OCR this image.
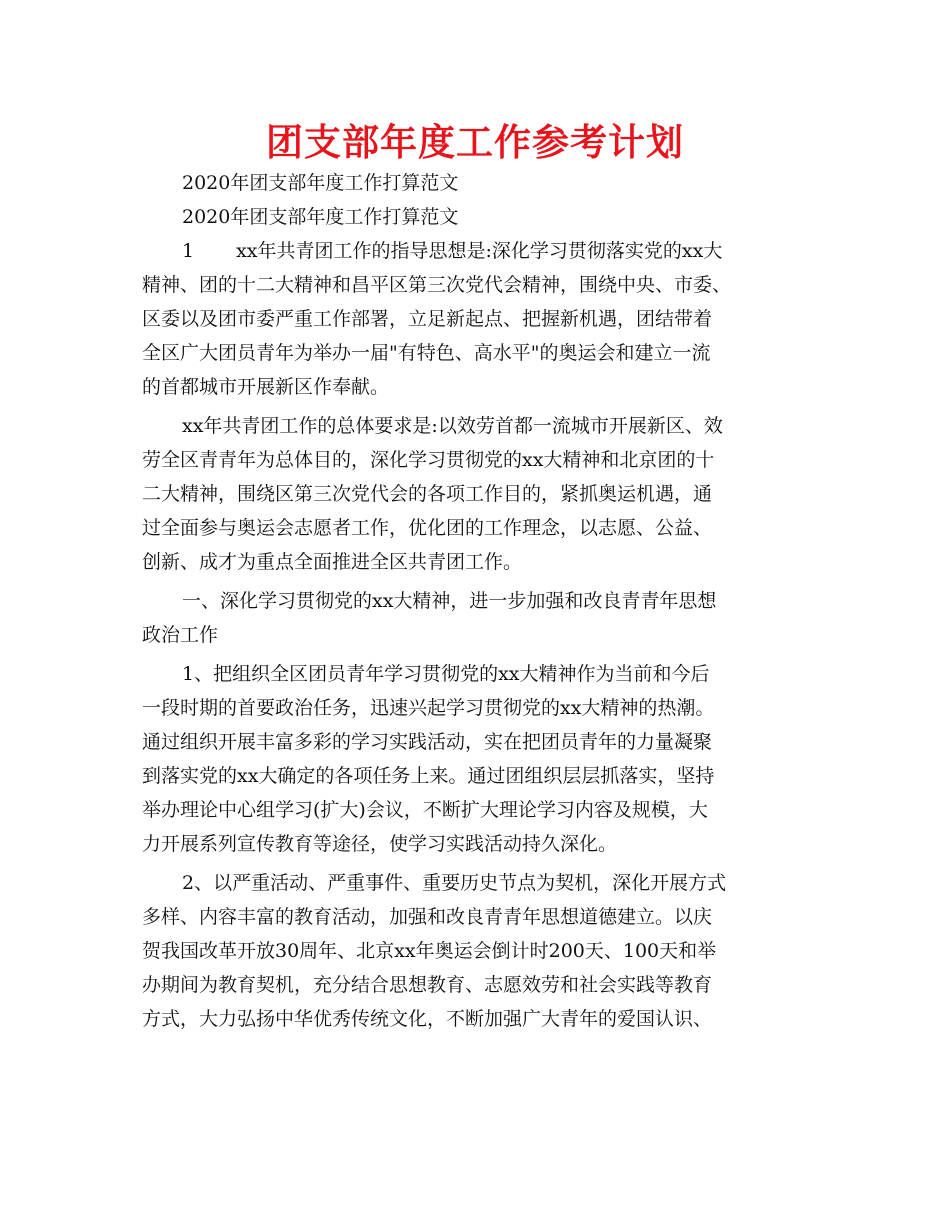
团支部年度工作参考计划
2020年团支部年度工作打算范文
2020年团支部年度工作打算范文
1 xx年共青团工作的指导思想是:深化学习贯彻落实党的xx大
精神、团的十二大精神和昌平区第三次党代会精神，围绕中央、市委、
区委以及团市委严重工作部署，立足新起点、把握新机遇，团结带着
全区广大团员青年为举办一届"有特色、高水平"的奥运会和建立一流
的首都城市开展新区作奉献。
xx年共青团工作的总体要求是:以效劳首都一流城市开展新区、效
劳全区青青年为总体目的，深化学习贯彻党的xx大精神和北京团的十
二大精神，围绕区第三次党代会的各项工作目的，紧抓奥运机遇，通
过全面参与奥运会志愿者工作，优化团的工作理念，以志愿、公益、
创新、成才为重点全面推进全区共青团工作。
一、深化学习贯彻党的xx大精神，进一步加强和改良青青年思想
政治工作
1、把组织全区团员青年学习贯彻党的xx大精神作为当前和今后
一段时期的首要政治任务，迅速兴起学习贯彻党的xx大精神的热潮。
通过组织开展丰富多彩的学习实践活动，实在把团员青年的力量凝聚
到落实党的xx大确定的各项任务上来。通过团组织层层抓落实，坚持
举办理论中心组学习(扩大)会议，不断扩大理论学习内容及规模，大
力开展系列宣传教育等途径，使学习实践活动持久深化。
2、以严重活动、严重事件、重要历史节点为契机，深化开展方式
多样、内容丰富的教育活动，加强和改良青青年思想道德建立。以庆
贺我国改革开放30周年、北京xx年奥运会倒计时200天、100天和举
办期间为教育契机，充分结合思想教育、志愿效劳和社会实践等教育
方式，大力弘扬中华优秀传统文化，不断加强广大青年的爱国认识、
